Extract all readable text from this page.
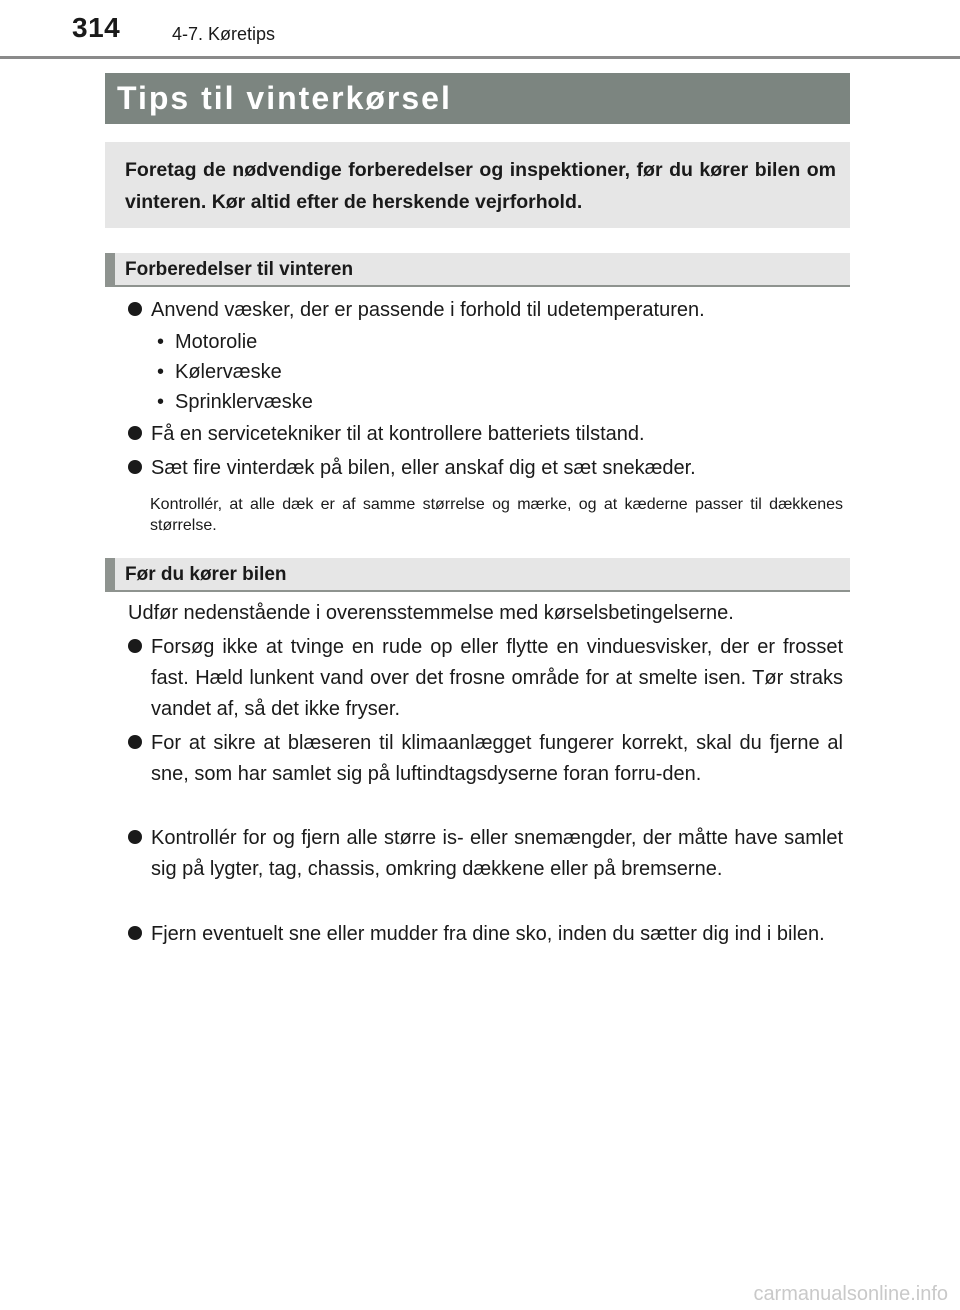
314	4-7. Køretips
Tips til vinterkørsel
Foretag de nødvendige forberedelser og inspektioner, før du kører bilen om vinteren. Kør altid efter de herskende vejrforhold.
Forberedelser til vinteren
Anvend væsker, der er passende i forhold til udetemperaturen.
• Motorolie
• Kølervæske
• Sprinklervæske
Få en servicetekniker til at kontrollere batteriets tilstand.
Sæt fire vinterdæk på bilen, eller anskaf dig et sæt snekæder.
Kontrollér, at alle dæk er af samme størrelse og mærke, og at kæderne passer til dækkenes størrelse.
Før du kører bilen
Udfør nedenstående i overensstemmelse med kørselsbetingelserne.
Forsøg ikke at tvinge en rude op eller flytte en vinduesvisker, der er frosset fast. Hæld lunkent vand over det frosne område for at smelte isen. Tør straks vandet af, så det ikke fryser.
For at sikre at blæseren til klimaanlægget fungerer korrekt, skal du fjerne al sne, som har samlet sig på luftindtagsdyserne foran forru-den.
Kontrollér for og fjern alle større is- eller snemængder, der måtte have samlet sig på lygter, tag, chassis, omkring dækkene eller på bremserne.
Fjern eventuelt sne eller mudder fra dine sko, inden du sætter dig ind i bilen.
carmanualsonline.info
